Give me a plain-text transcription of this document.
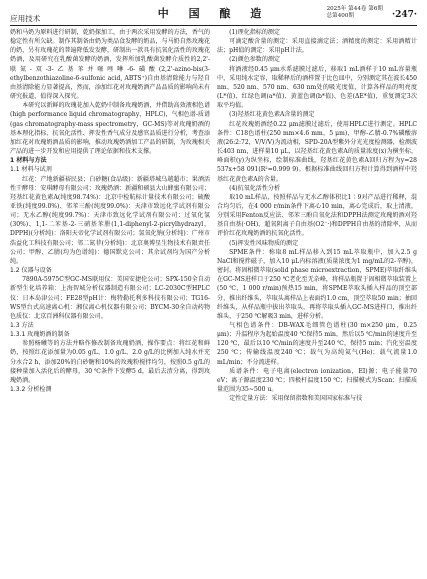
应用技术	中 国 酿 造	2025年 第44卷 第6期
总第400期	·247·

奶和马奶为原料进行研制，乾奶探加工，由于两次采用发酵的方法，香气的稳定性有所欠缺。制作其制备由奶为类品食发酵的奶品，与马奶自然玫瑰花的奶，另有玫瑰花的普遍降低发发酵，研制出一款具有抗氧化活性的玫瑰花奶酒，及用研究在乳酸菌发酵的奶酒，发挥所加乳酸菌发酵介质性的2,2'-联氮-双-3-乙基苯并噻唑啉-6-磺酸(2,2'-azino-bis(3-ethylbenzothiazoline-6-sulfonic acid, ABTS⁺)自由基清除能力与羟自由基清除能力显著提高，然而，添加红花对玫瑰奶酒产品品质的影响尚未有研究报道，值得深入探究。

本研究以新鲜的玫瑰花加入乾奶中制备玫瑰奶酒，并借助高效液相色谱(high performance liquid chromatography，HPLC)，气相色谱-质谱(gas chromatography-mass spectrometry，GC-MS)等对玫瑰奶酒的基本理化指标、抗氧化活性、挥发性香气成分及感官品质进行分析，考查添加红花对玫瑰奶酒品质的影响，推动玫瑰奶酒加工产品的研制，为玫瑰相关产品的进一步开发和应用提供了理论依据和技术支撑。

1 材料与方法

1.1 材料与试剂

红花：产地新疆裕民县；白砂糖(食品级)：新疆塔城乌越超市；果酒活性干酵母：安琪酵母有限公司；玫瑰奶酒：新疆和硕县大山蜂蜜有限公司；羟基红花黄色素A(纯度98.74%)：北京中检航标计量技术有限公司；硫酸亚铁(纯度99.0%)、邻苯三酚(纯度99.0%)：天津市致远化学试剂有限公司；无水乙醇(纯度99.7%)：天津市致远化学试剂有限公司；过氧化氢(30%)、1,1-二苯基-2-三硝基苯肼(1,1-diphenyl-2-picrylhydrazyl，DPPH)(分析纯)：洛阳天帝化学试剂有限公司；氢氧化钠(分析纯)：广州市浩益化工科技有限公司；邻二氮菲(分析纯)：北京奥博星生物技术有限责任公司；甲醇、乙腈(均为色谱纯)：德国默克公司；其余试剂均为国产分析纯。

1.2 仪器与设备

7890A-5975C型GC-MS联用仪：美国安捷伦公司；SPX-150全自动新型生化培养箱：上海智城分析仪器制造有限公司；LC-2030C型HPLC仪：日本岛津公司；FE28型pH计：梅特勒托利多科技有限公司；TG16-WS型台式高速离心机：湘仪离心机仪器有限公司；BYCM-30全自动药物色质仪：北京百洲科仪器有限公司。

1.3 方法

1.3.1 玫瑰奶酒的制备

参照杨曦等的方法并略作修改制备玫瑰奶酒，操作要点：将红花和鲜奶，按照红花添加量为0.05 g/L、1.0 g/L、2.0 g/L的比例加入纯水并充分水合2 h，添加20%的白砂糖和10%的玫瑰粉搅拌均匀，按照0.5 g/L的接种量加入活化后的酵母，30 ℃条件下发酵5 d，最后去渣分离，得到玫瑰奶酒。

1.3.2 分析检测

(1)理化指标的测定

可滴定酸含量的测定：采用直接滴定法；酒精度的测定：采用酒精计法；pH值的测定：采用pH计法。

(2)颜色参数的测定

将酒液经0.45 μm水系滤膜过滤后，移取1 mL酒样于10 mL容量瓶中，采用纯水定容，取稀释后的酒样置于比色皿中，分别测定其在波长450 nm、520 nm、570 nm、630 nm处的吸光度值，计算各样品的明亮度(L*值)、红绿色调(a*值)、黄蓝色调(b*值)、色差(ΔE*值)，重复测定3次取平均值。

(3)羟基红花黄色素A含量的测定

红花玫瑰奶酒经0.22 μm滤膜过滤后，使用HPLC进行测定。HPLC条件：C18色谱柱(250 mm×4.6 mm，5 μm)，甲醇-乙腈-0.7%磷酸溶液(26:2:72，V/V/V)为流动相，SPD-20A型紫外分光光度检测器，检测波长403 nm，进样量10 μL，以羟基红花黄色素A的质量浓度(x)为横坐标，峰面积(y)为纵坐标，绘制标准曲线，羟基红花黄色素A回归方程为y=28 537x+58 091(R²=0.999 9)。根据标准曲线回归方程计算得到酒样中羟基红花黄色素A的含量。

(4)抗氧化活性分析

取10 mL样品，按照样品与无水乙醇体积比1∶9对产品进行稀释，混合均匀后，在4 000 r/min条件下离心10 min，离心完成后，取上清液，分别采用Fenton反应法、邻苯三酚自氧化法和DPPH法测定玫瑰奶酒对羟基自由基(·OH)、超氧阴离子自由基(O2⁻·)和DPPH自由基的清除率，从而评价红花玫瑰奶酒的抗氧化活性。

(5)挥发性风味物质的测定

SPME条件：称取8 mL样品移入到15 mL萃取瓶中，加入2.5 g NaCl和搅拌磁子，加入10 μL内标溶液(质量浓度为1 mg/mL的2-辛醇)，密封。将固相微萃取(solid phase microextraction，SPME)萃取纤维头在GC-MS进样口于250 ℃老化至无杂峰，将样品瓶置于固相微萃取装置上(50 ℃，1 000 r/min)预热15 min，将SPME萃取头插入样品的顶空部分，推出纤维头，萃取头离样品上表面约1.0 cm，顶空萃取50 min；抽回纤维头，从样品瓶中拔出萃取头，再将萃取头插入GC-MS进样口，推出纤维头，于250 ℃解吸3 min，进样分析。

气相色谱条件：DB-WAX毛细管色谱柱(30 m×250 μm，0.25 μm)；升温程序为起始温度40 ℃保持5 min，然后以5 ℃/min的速度升至120 ℃，最后以10 ℃/min的速度升至240 ℃，保持5 min；汽化室温度250 ℃；传输线温度240 ℃；载气为高纯氦气(He)；载气流量1.0 mL/min；不分流进样。

质谱条件：电子电离(electron ionization，EI)源；电子能量70 eV；离子源温度230 ℃；四极杆温度150 ℃；扫描模式为Scan；扫描质量范围为35~500 u。

定性定量方法：采用保留指数和美国国家标准与技
